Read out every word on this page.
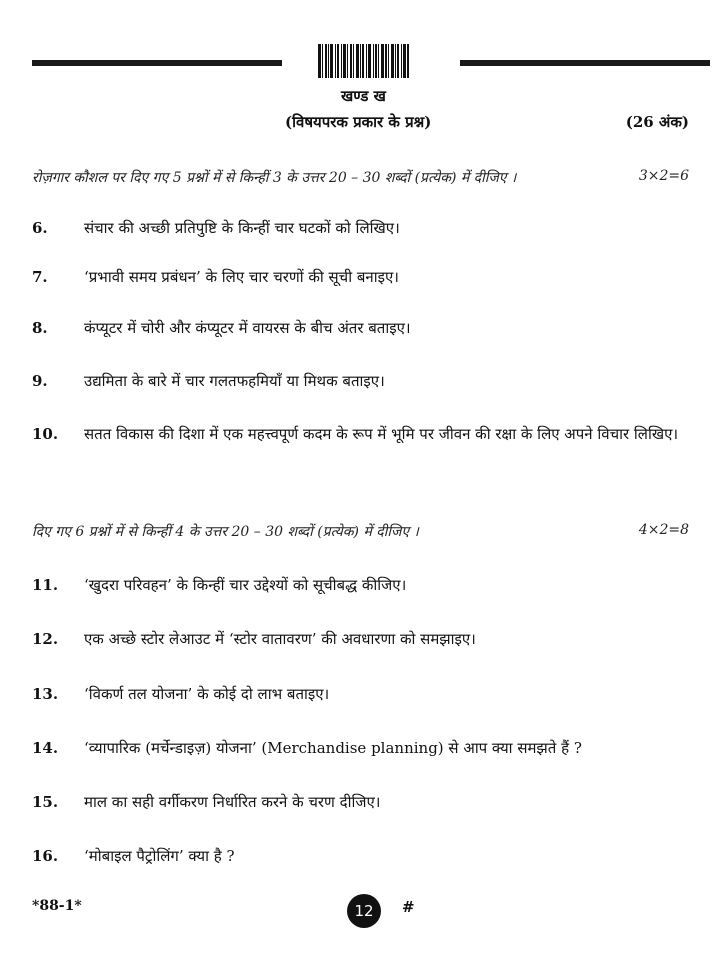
खण्ड ख
(विषयपरक प्रकार के प्रश्न)	(26 अंक)
रोज़गार कौशल पर दिए गए 5 प्रश्नों में से किन्हीं 3 के उत्तर 20 – 30 शब्दों (प्रत्येक) में दीजिए ।	3×2=6
6. संचार की अच्छी प्रतिपुष्टि के किन्हीं चार घटकों को लिखिए।
7. ‘प्रभावी समय प्रबंधन’ के लिए चार चरणों की सूची बनाइए।
8. कंप्यूटर में चोरी और कंप्यूटर में वायरस के बीच अंतर बताइए।
9. उद्यमिता के बारे में चार गलतफहमियाँ या मिथक बताइए।
10. सतत विकास की दिशा में एक महत्त्वपूर्ण कदम के रूप में भूमि पर जीवन की रक्षा के लिए अपने विचार लिखिए।
दिए गए 6 प्रश्नों में से किन्हीं 4 के उत्तर 20 – 30 शब्दों (प्रत्येक) में दीजिए ।	4×2=8
11. ‘खुदरा परिवहन’ के किन्हीं चार उद्देश्यों को सूचीबद्ध कीजिए।
12. एक अच्छे स्टोर लेआउट में ‘स्टोर वातावरण’ की अवधारणा को समझाइए।
13. ‘विकर्ण तल योजना’ के कोई दो लाभ बताइए।
14. ‘व्यापारिक (मर्चेन्डाइज़) योजना’ (Merchandise planning) से आप क्या समझते हैं ?
15. माल का सही वर्गीकरण निर्धारित करने के चरण दीजिए।
16. ‘मोबाइल पैट्रोलिंग’ क्या है ?
*88-1*	12	#
